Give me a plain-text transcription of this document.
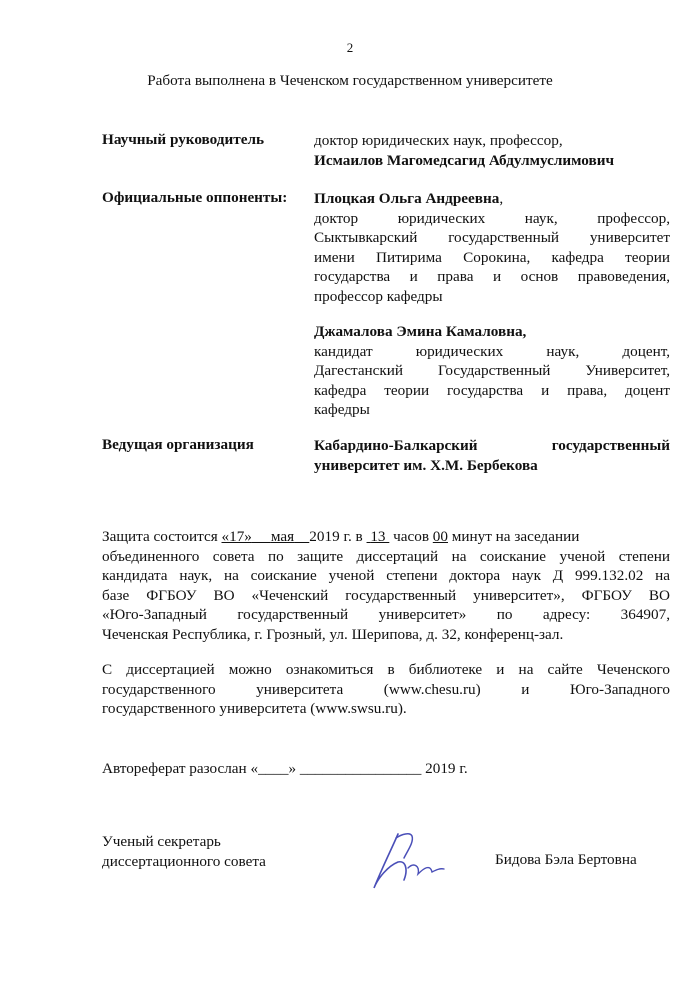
2
Работа выполнена в Чеченском государственном университете
Научный руководитель	доктор юридических наук, профессор,
Исмаилов Магомедсагид Абдулмуслимович
Официальные оппоненты: Плоцкая Ольга Андреевна,
доктор юридических наук, профессор,
Сыктывкарский государственный университет
имени Питирима Сорокина, кафедра теории
государства и права и основ правоведения,
профессор кафедры
Джамалова Эмина Камаловна,
кандидат юридических наук, доцент,
Дагестанский Государственный Университет,
кафедра теории государства и права, доцент
кафедры
Ведущая организация	Кабардино-Балкарский государственный
университет им. Х.М. Бербекова
Защита состоится «17» мая 2019 г. в 13 часов 00 минут на заседании
объединенного совета по защите диссертаций на соискание ученой степени
кандидата наук, на соискание ученой степени доктора наук Д 999.132.02 на
базе ФГБОУ ВО «Чеченский государственный университет», ФГБОУ ВО
«Юго-Западный государственный университет» по адресу: 364907,
Чеченская Республика, г. Грозный, ул. Шерипова, д. 32, конференц-зал.
С диссертацией можно ознакомиться в библиотеке и на сайте Чеченского
государственного университета (www.chesu.ru) и Юго-Западного
государственного университета (www.swsu.ru).
Автореферат разослан «____» ________________ 2019 г.
Ученый секретарь
диссертационного совета	Бидова Бэла Бертовна
